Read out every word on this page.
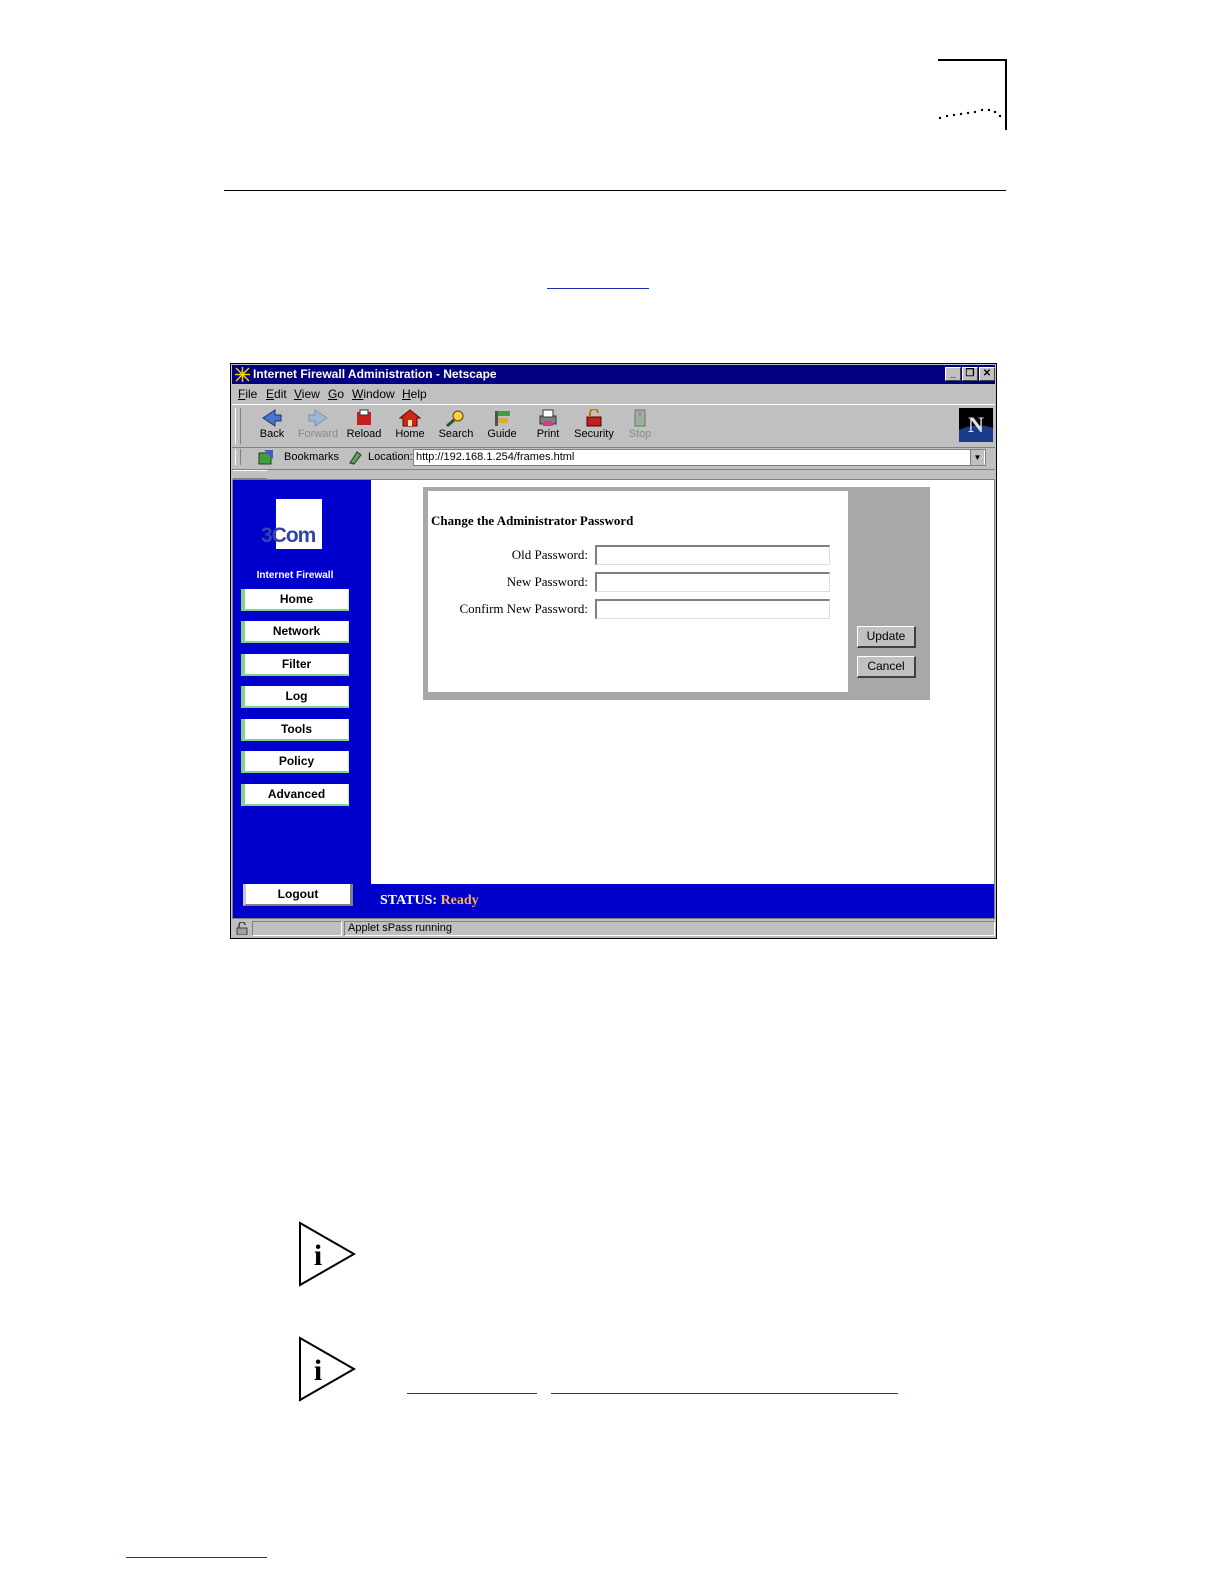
Internet Firewall Administration - Netscape	_ ❐ ✕
File Edit View Go Window Help
Back	Forward Reload	Home	Search	Guide	Print	Security	Stop	N
Bookmarks	Location: http://192.168.1.254/frames.html	▼
3Com
Internet Firewall
Home
Network
Filter
Log
Tools
Policy
Advanced
Logout
Change the Administrator Password
Old Password:
New Password:
Confirm New Password:
Update
Cancel
STATUS: Ready
Applet sPass running
i
i
